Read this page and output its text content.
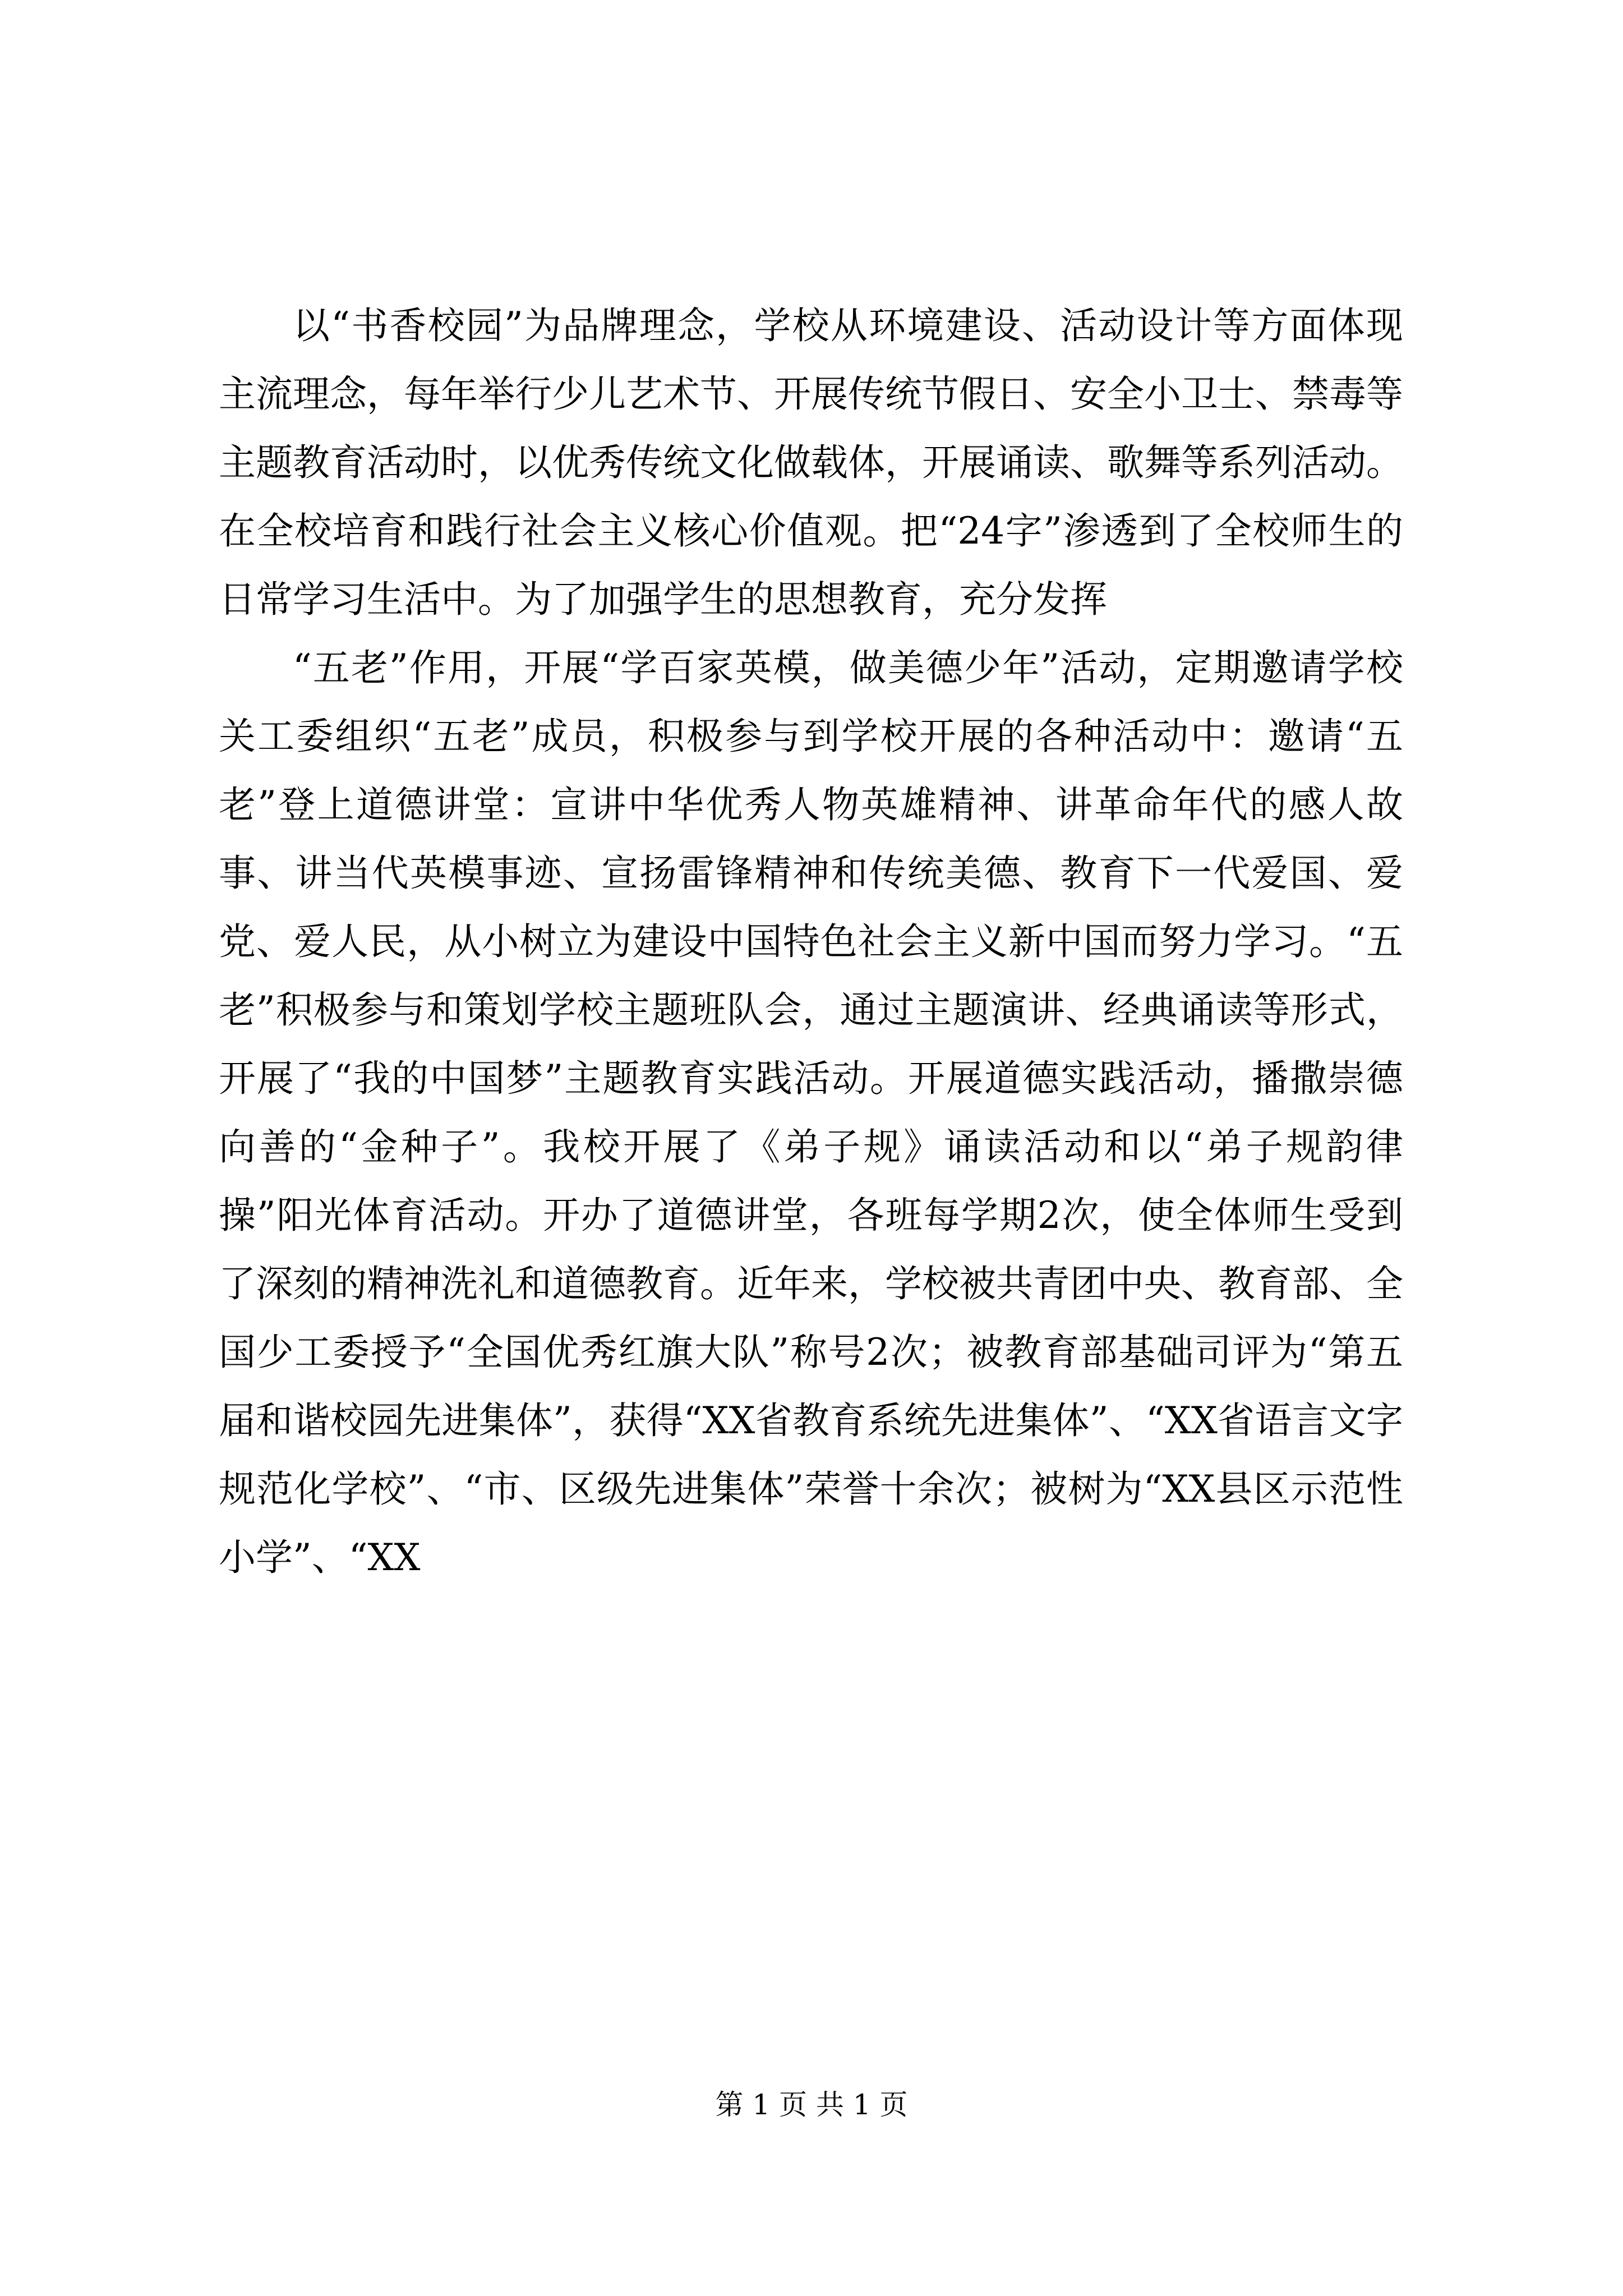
以“书香校园”为品牌理念，学校从环境建设、活动设计等方面体现主流理念，每年举行少儿艺术节、开展传统节假日、安全小卫士、禁毒等主题教育活动时，以优秀传统文化做载体，开展诵读、歌舞等系列活动。在全校培育和践行社会主义核心价值观。把“24字”渗透到了全校师生的日常学习生活中。为了加强学生的思想教育，充分发挥

“五老”作用，开展“学百家英模，做美德少年”活动，定期邀请学校关工委组织“五老”成员，积极参与到学校开展的各种活动中：邀请“五老”登上道德讲堂：宣讲中华优秀人物英雄精神、讲革命年代的感人故事、讲当代英模事迹、宣扬雷锋精神和传统美德、教育下一代爱国、爱党、爱人民，从小树立为建设中国特色社会主义新中国而努力学习。“五老”积极参与和策划学校主题班队会，通过主题演讲、经典诵读等形式，开展了“我的中国梦”主题教育实践活动。开展道德实践活动，播撒崇德向善的“金种子”。我校开展了《弟子规》诵读活动和以“弟子规韵律操”阳光体育活动。开办了道德讲堂，各班每学期2次，使全体师生受到了深刻的精神洗礼和道德教育。近年来，学校被共青团中央、教育部、全国少工委授予“全国优秀红旗大队”称号2次；被教育部基础司评为“第五届和谐校园先进集体”，获得“XX省教育系统先进集体”、“XX省语言文字规范化学校”、“市、区级先进集体”荣誉十余次；被树为“XX县区示范性小学”、“XX

第 1 页 共 1 页
